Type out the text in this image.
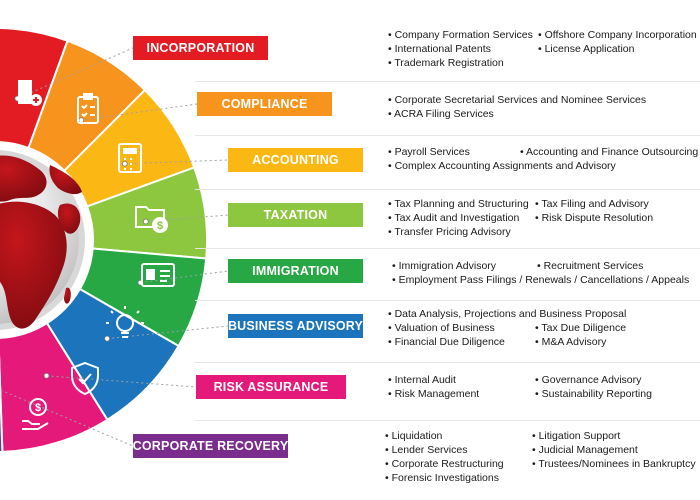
$
$
INCORPORATION
COMPLIANCE
ACCOUNTING
TAXATION
IMMIGRATION
BUSINESS ADVISORY
RISK ASSURANCE
CORPORATE RECOVERY
• Company Formation Services
• International Patents
• Trademark Registration
• Offshore Company Incorporation
• License Application
• Corporate Secretarial Services and Nominee Services
• ACRA Filing Services
• Payroll Services	• Accounting and Finance Outsourcing
• Complex Accounting Assignments and Advisory
• Tax Planning and Structuring
• Tax Audit and Investigation
• Transfer Pricing Advisory
• Tax Filing and Advisory
• Risk Dispute Resolution
• Immigration Advisory	• Recruitment Services
• Employment Pass Filings / Renewals / Cancellations / Appeals
• Data Analysis, Projections and Business Proposal
• Valuation of Business
• Financial Due Diligence
• Tax Due Diligence
• M&A Advisory
• Internal Audit
• Risk Management
• Governance Advisory
• Sustainability Reporting
• Liquidation
• Lender Services
• Corporate Restructuring
• Forensic Investigations
• Litigation Support
• Judicial Management
• Trustees/Nominees in Bankruptcy
